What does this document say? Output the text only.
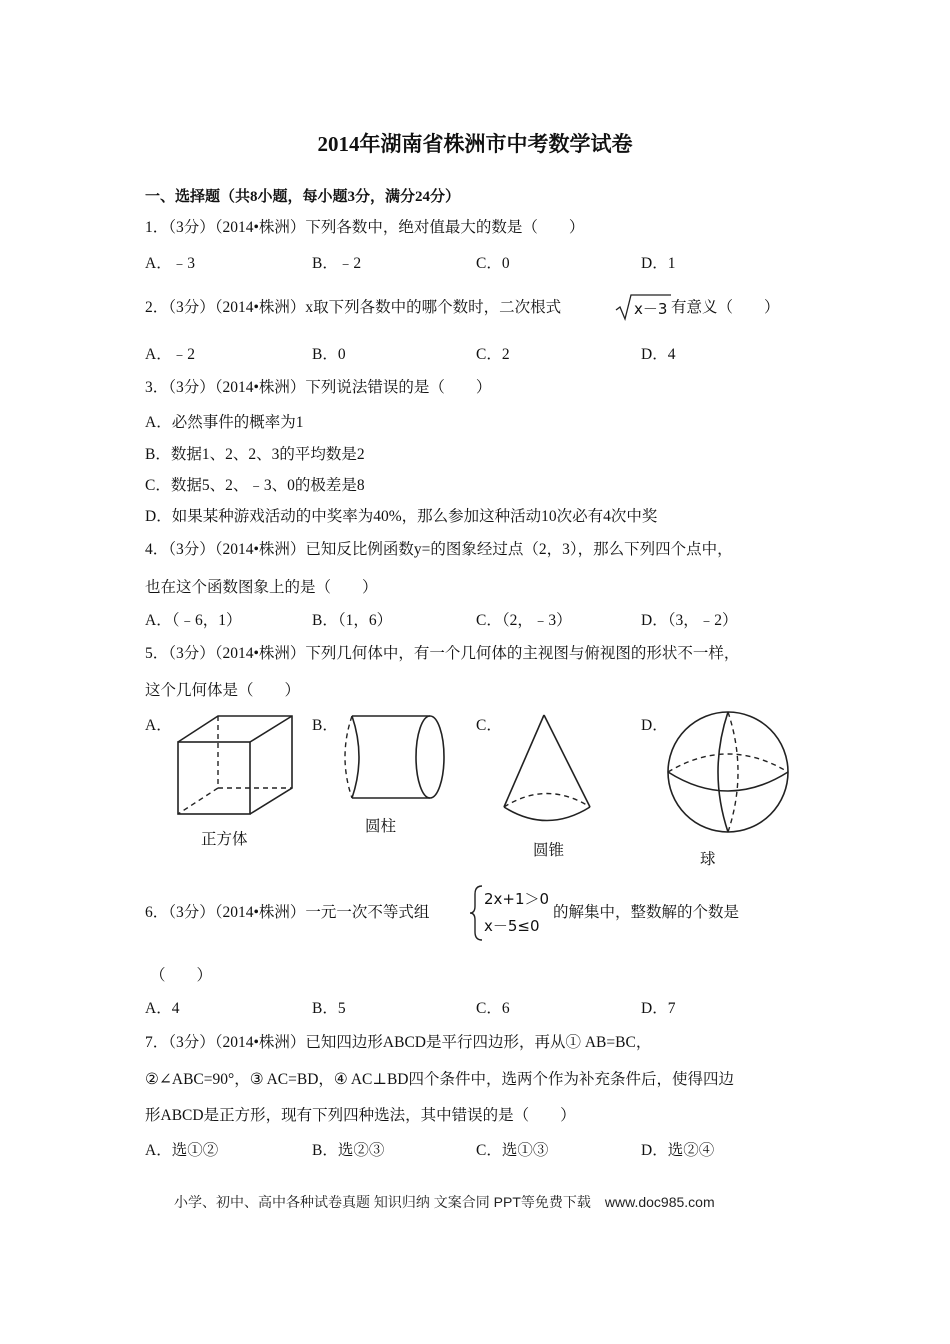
2014年湖南省株洲市中考数学试卷
一、选择题（共8小题，每小题3分，满分24分）
1．（3分）（2014•株洲）下列各数中，绝对值最大的数是（　　）
A．﹣3	B．﹣2	C．0	D．1
2．（3分）（2014•株洲）x取下列各数中的哪个数时，二次根式	x－3 有意义（　　）
A．﹣2	B．0	C．2	D．4
3．（3分）（2014•株洲）下列说法错误的是（　　）
A．必然事件的概率为1
B．数据1、2、2、3的平均数是2
C．数据5、2、﹣3、0的极差是8
D．如果某种游戏活动的中奖率为40%，那么参加这种活动10次必有4次中奖
4．（3分）（2014•株洲）已知反比例函数y=的图象经过点（2，3），那么下列四个点中，
也在这个函数图象上的是（　　）
A．（﹣6，1）	B．（1，6）	C．（2，﹣3）	D．（3，﹣2）
5．（3分）（2014•株洲）下列几何体中，有一个几何体的主视图与俯视图的形状不一样，
这个几何体是（　　）
A．	B．	C．	D．
正方体
圆柱
圆锥
球
6．（3分）（2014•株洲）一元一次不等式组
2x+1＞0
x－5≤0
的解集中，整数解的个数是
（　　）
A．4	B．5	C．6	D．7
7．（3分）（2014•株洲）已知四边形ABCD是平行四边形，再从① AB=BC，
②∠ABC=90°，③ AC=BD，④ AC⊥BD四个条件中，选两个作为补充条件后，使得四边
形ABCD是正方形，现有下列四种选法，其中错误的是（　　）
A．选①②	B．选②③	C．选①③	D．选②④
小学、初中、高中各种试卷真题 知识归纳 文案合同 PPT等免费下载　www.doc985.com
